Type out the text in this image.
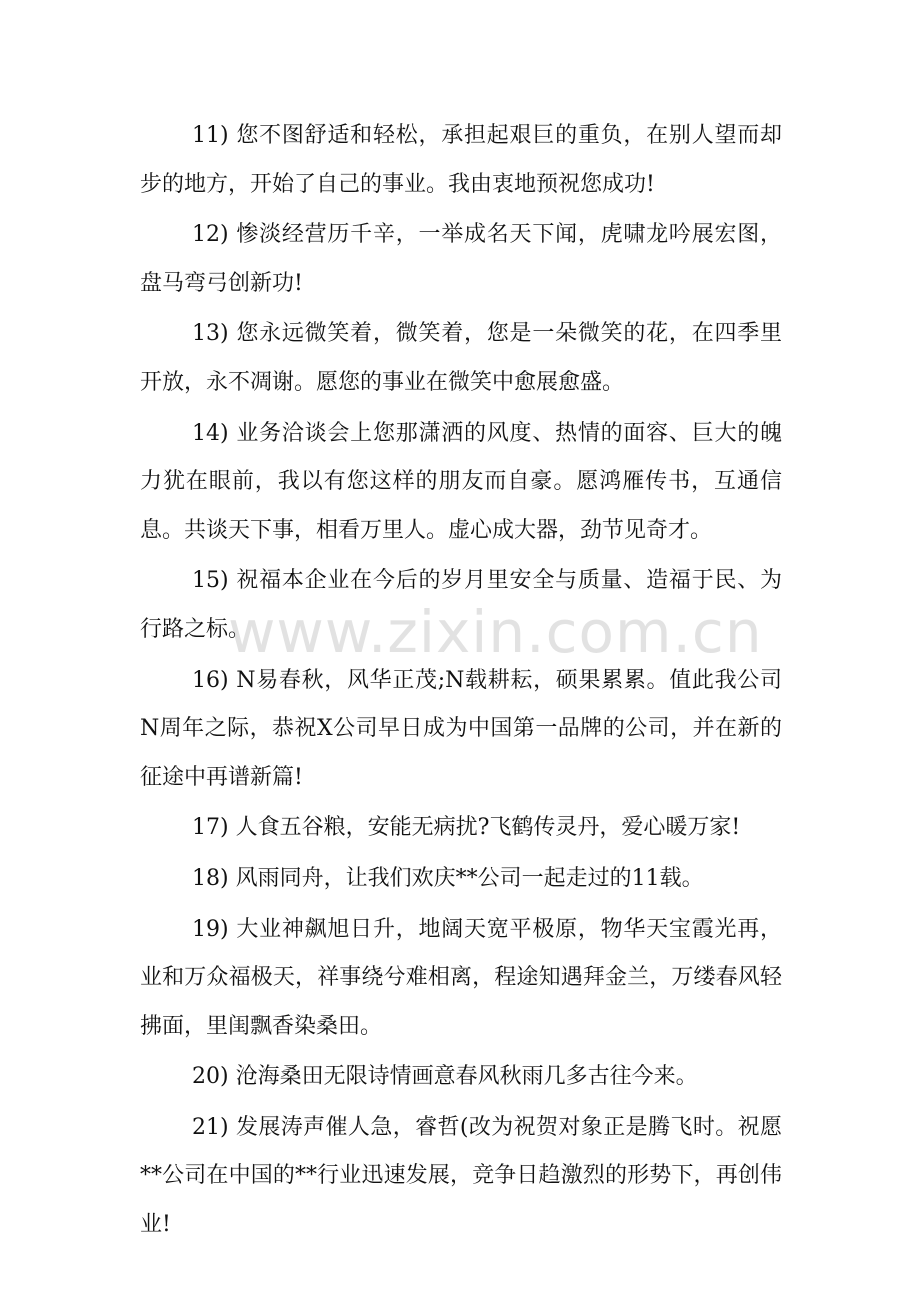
www.zixin.com.cn

11) 您不图舒适和轻松，承担起艰巨的重负，在别人望而却步的地方，开始了自己的事业。我由衷地预祝您成功!

12) 惨淡经营历千辛，一举成名天下闻，虎啸龙吟展宏图，盘马弯弓创新功!

13) 您永远微笑着，微笑着，您是一朵微笑的花，在四季里开放，永不凋谢。愿您的事业在微笑中愈展愈盛。

14) 业务洽谈会上您那潇洒的风度、热情的面容、巨大的魄力犹在眼前，我以有您这样的朋友而自豪。愿鸿雁传书，互通信息。共谈天下事，相看万里人。虚心成大器，劲节见奇才。

15) 祝福本企业在今后的岁月里安全与质量、造福于民、为行路之标。

16) N易春秋，风华正茂;N载耕耘，硕果累累。值此我公司N周年之际，恭祝X公司早日成为中国第一品牌的公司，并在新的征途中再谱新篇!

17) 人食五谷粮，安能无病扰?飞鹤传灵丹，爱心暖万家!

18) 风雨同舟，让我们欢庆**公司一起走过的11载。

19) 大业神飙旭日升，地阔天宽平极原，物华天宝霞光再，业和万众福极天，祥事绕兮难相离，程途知遇拜金兰，万缕春风轻拂面，里闺飘香染桑田。

20) 沧海桑田无限诗情画意春风秋雨几多古往今来。

21) 发展涛声催人急，睿哲(改为祝贺对象正是腾飞时。祝愿**公司在中国的**行业迅速发展，竞争日趋激烈的形势下，再创伟业!
